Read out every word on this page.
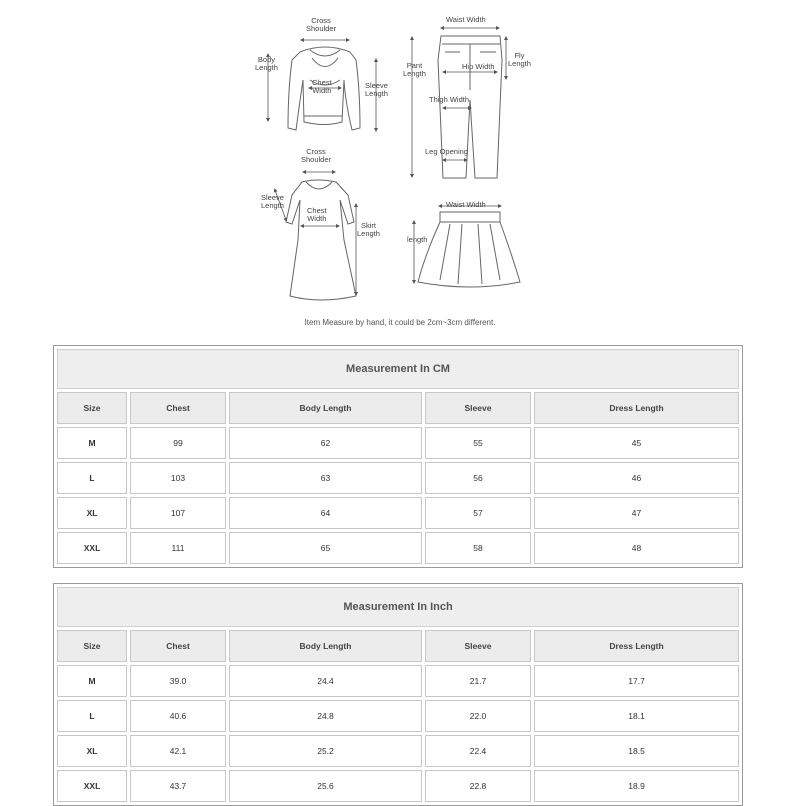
Cross
Shoulder
Body
Length
Chest
Width
Sleeve
Length
Waist Width
Pant
Length
Hip Width
Fly
Length
Thigh Width
Leg Opening
Cross
Shoulder
Sleeve
Length
Chest
Width
Skirt
Length
Waist Width
length
Item Measure by hand, it could be 2cm~3cm different.
Measurement In CM				
Size	Chest	Body Length	Sleeve	Dress Length
M	99	62	55	45
L	103	63	56	46
XL	107	64	57	47
XXL	111	65	58	48
Measurement In Inch				
Size	Chest	Body Length	Sleeve	Dress Length
M	39.0	24.4	21.7	17.7
L	40.6	24.8	22.0	18.1
XL	42.1	25.2	22.4	18.5
XXL	43.7	25.6	22.8	18.9
